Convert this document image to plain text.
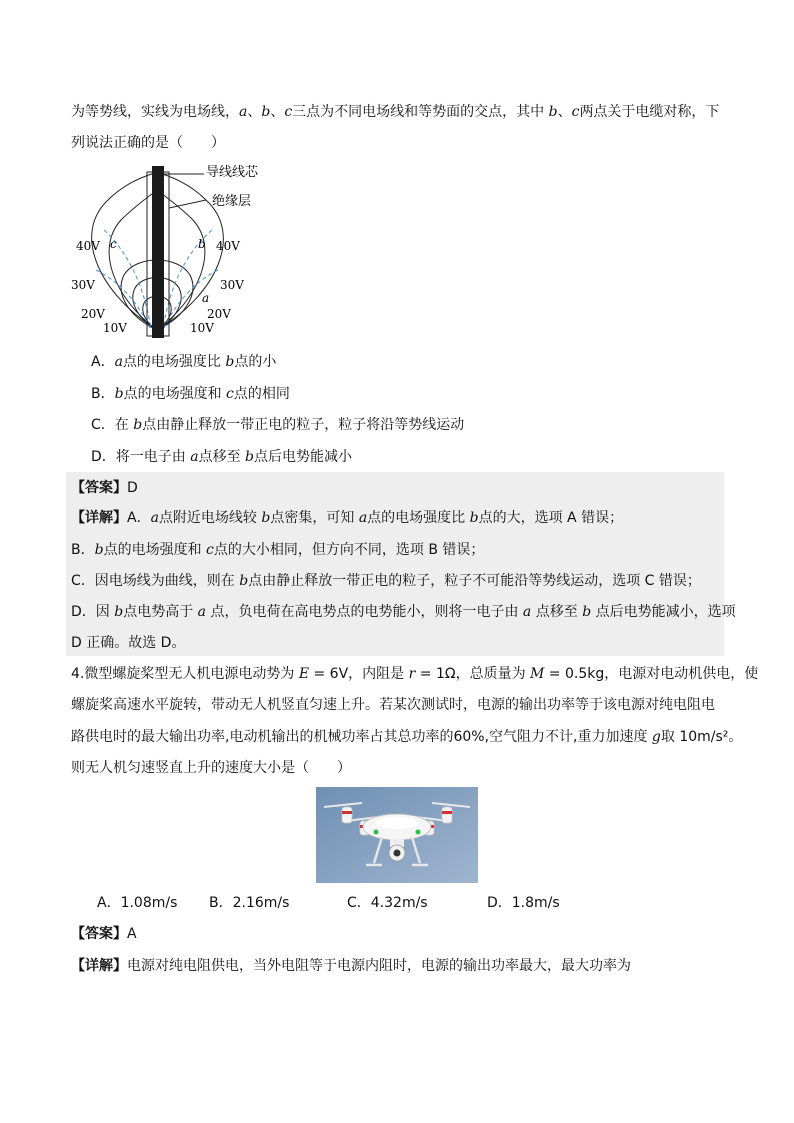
为等势线，实线为电场线，a、b、c三点为不同电场线和等势面的交点，其中 b、c两点关于电缆对称，下
列说法正确的是（　　）
导线线芯
绝缘层
c	b
a
40V
30V
20V
10V
40V
30V
20V
10V
A．a点的电场强度比 b点的小
B．b点的电场强度和 c点的相同
C．在 b点由静止释放一带正电的粒子，粒子将沿等势线运动
D．将一电子由 a点移至 b点后电势能减小
【答案】D
【详解】A．a点附近电场线较 b点密集，可知 a点的电场强度比 b点的大，选项 A 错误；
B．b点的电场强度和 c点的大小相同，但方向不同，选项 B 错误；
C．因电场线为曲线，则在 b点由静止释放一带正电的粒子，粒子不可能沿等势线运动，选项 C 错误；
D．因 b点电势高于 a 点，负电荷在高电势点的电势能小，则将一电子由 a 点移至 b 点后电势能减小，选项
D 正确。故选 D。
4.微型螺旋桨型无人机电源电动势为 E = 6V，内阻是 r = 1Ω，总质量为 M = 0.5kg，电源对电动机供电，使
螺旋桨高速水平旋转，带动无人机竖直匀速上升。若某次测试时，电源的输出功率等于该电源对纯电阻电
路供电时的最大输出功率,电动机输出的机械功率占其总功率的60%,空气阻力不计,重力加速度 g取 10m/s²。
则无人机匀速竖直上升的速度大小是（　　）
A．1.08m/s B．2.16m/s	C．4.32m/s	D．1.8m/s
【答案】A
【详解】电源对纯电阻供电，当外电阻等于电源内阻时，电源的输出功率最大，最大功率为
